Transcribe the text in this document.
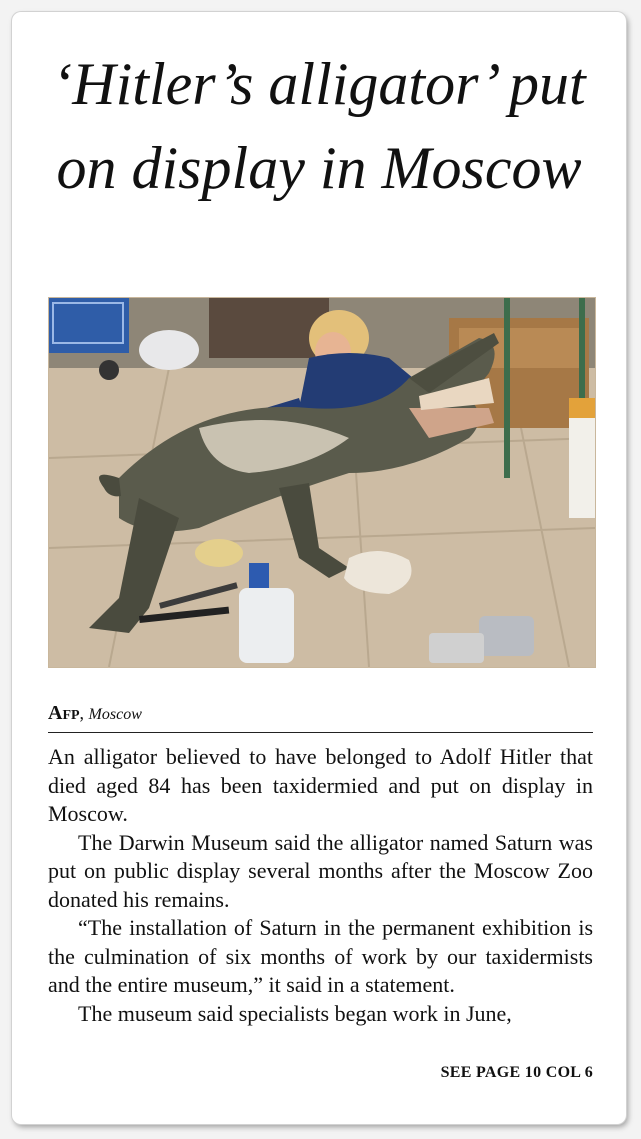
‘Hitler’s alligator’ put on display in Moscow
Afp, Moscow

An alligator believed to have belonged to Adolf Hitler that died aged 84 has been taxidermied and put on display in Moscow.

The Darwin Museum said the alligator named Saturn was put on public display several months after the Moscow Zoo donated his remains.

“The installation of Saturn in the permanent exhibition is the culmination of six months of work by our taxidermists and the entire museum,” it said in a statement.

The museum said specialists began work in June,

SEE PAGE 10 COL 6
